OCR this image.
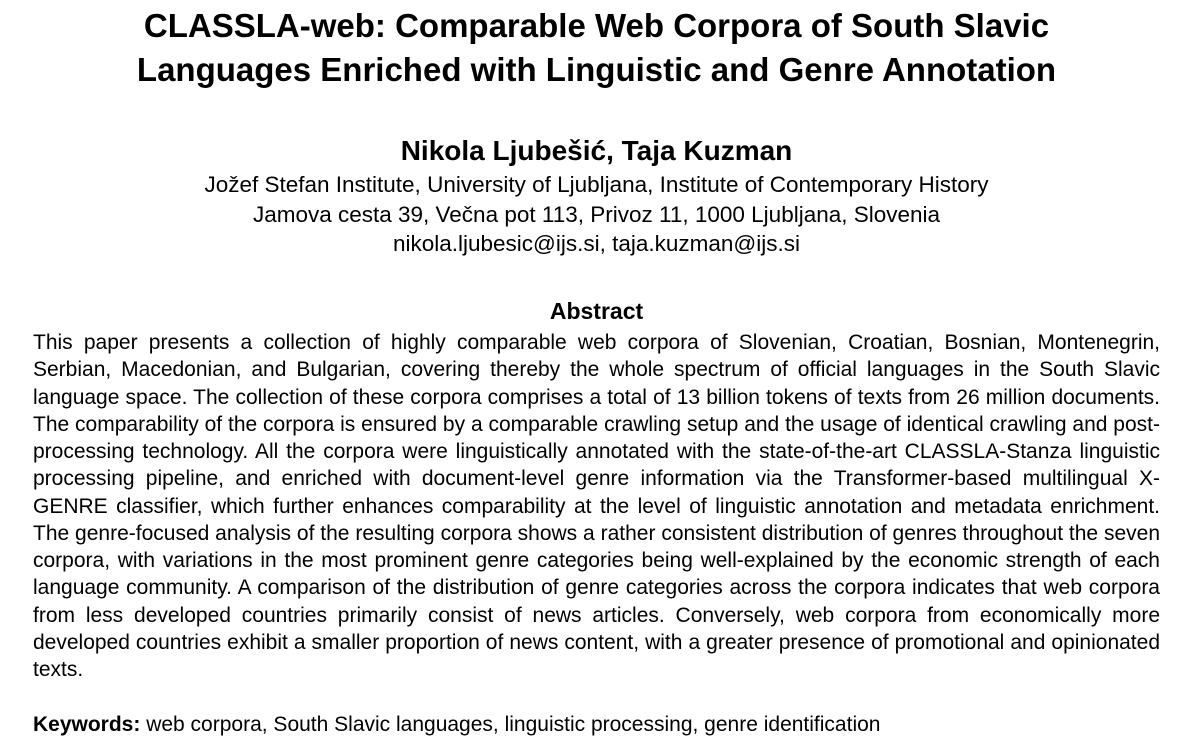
CLASSLA-web: Comparable Web Corpora of South Slavic
Languages Enriched with Linguistic and Genre Annotation
Nikola Ljubešić, Taja Kuzman
Jožef Stefan Institute, University of Ljubljana, Institute of Contemporary History
Jamova cesta 39, Večna pot 113, Privoz 11, 1000 Ljubljana, Slovenia
nikola.ljubesic@ijs.si, taja.kuzman@ijs.si
Abstract

This paper presents a collection of highly comparable web corpora of Slovenian, Croatian, Bosnian, Montenegrin, Serbian, Macedonian, and Bulgarian, covering thereby the whole spectrum of official languages in the South Slavic language space. The collection of these corpora comprises a total of 13 billion tokens of texts from 26 million documents. The comparability of the corpora is ensured by a comparable crawling setup and the usage of identical crawling and post-processing technology. All the corpora were linguistically annotated with the state-of-the-art CLASSLA-Stanza linguistic processing pipeline, and enriched with document-level genre information via the Transformer-based multilingual X-GENRE classifier, which further enhances comparability at the level of linguistic annotation and metadata enrichment. The genre-focused analysis of the resulting corpora shows a rather consistent distribution of genres throughout the seven corpora, with variations in the most prominent genre categories being well-explained by the economic strength of each language community. A comparison of the distribution of genre categories across the corpora indicates that web corpora from less developed countries primarily consist of news articles. Conversely, web corpora from economically more developed countries exhibit a smaller proportion of news content, with a greater presence of promotional and opinionated texts.

Keywords: web corpora, South Slavic languages, linguistic processing, genre identification
